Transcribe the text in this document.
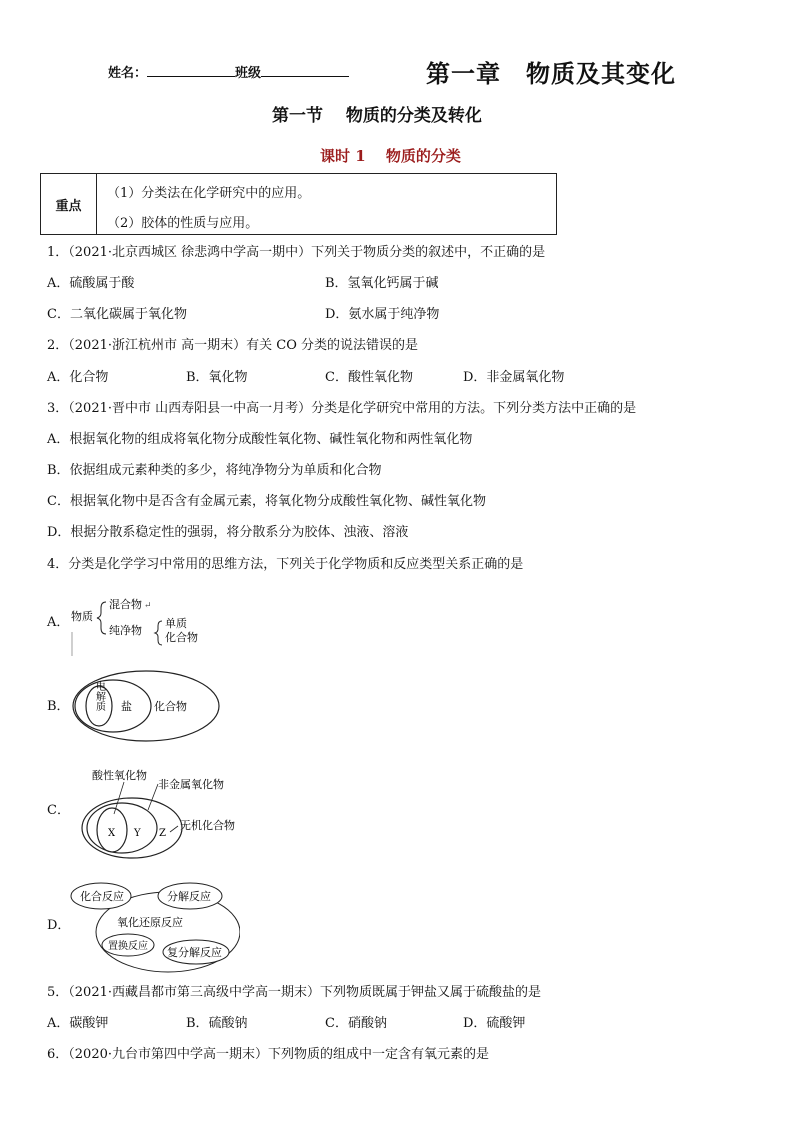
姓名：	班级	第一章　物质及其变化
第一节　 物质的分类及转化
课时 1　 物质的分类
重点
（1）分类法在化学研究中的应用。
（2）胶体的性质与应用。
1．（2021·北京西城区 徐悲鸿中学高一期中）下列关于物质分类的叙述中，不正确的是
A．硫酸属于酸	B．氢氧化钙属于碱
C．二氧化碳属于氧化物	D．氨水属于纯净物
2．（2021·浙江杭州市 高一期末）有关 CO 分类的说法错误的是
A．化合物	B．氧化物	C．酸性氧化物	D．非金属氧化物
3．（2021·晋中市 山西寿阳县一中高一月考）分类是化学研究中常用的方法。下列分类方法中正确的是
A．根据氧化物的组成将氧化物分成酸性氧化物、碱性氧化物和两性氧化物
B．依据组成元素种类的多少，将纯净物分为单质和化合物
C．根据氧化物中是否含有金属元素，将氧化物分成酸性氧化物、碱性氧化物
D．根据分散系稳定性的强弱，将分散系分为胶体、浊液、溶液
4．分类是化学学习中常用的思维方法，下列关于化学物质和反应类型关系正确的是
A． 物质
混合物 ↵
纯净物
单质
化合物
B． 电解质 盐 化合物
C．
酸性氧化物
非金属氧化物
无机化合物
X Y Z
D．
化合反应	分解反应
氧化还原反应
置换反应 复分解反应
5．（2021·西藏昌都市第三高级中学高一期末）下列物质既属于钾盐又属于硫酸盐的是
A．碳酸钾	B．硫酸钠	C．硝酸钠	D．硫酸钾
6．（2020·九台市第四中学高一期末）下列物质的组成中一定含有氧元素的是
